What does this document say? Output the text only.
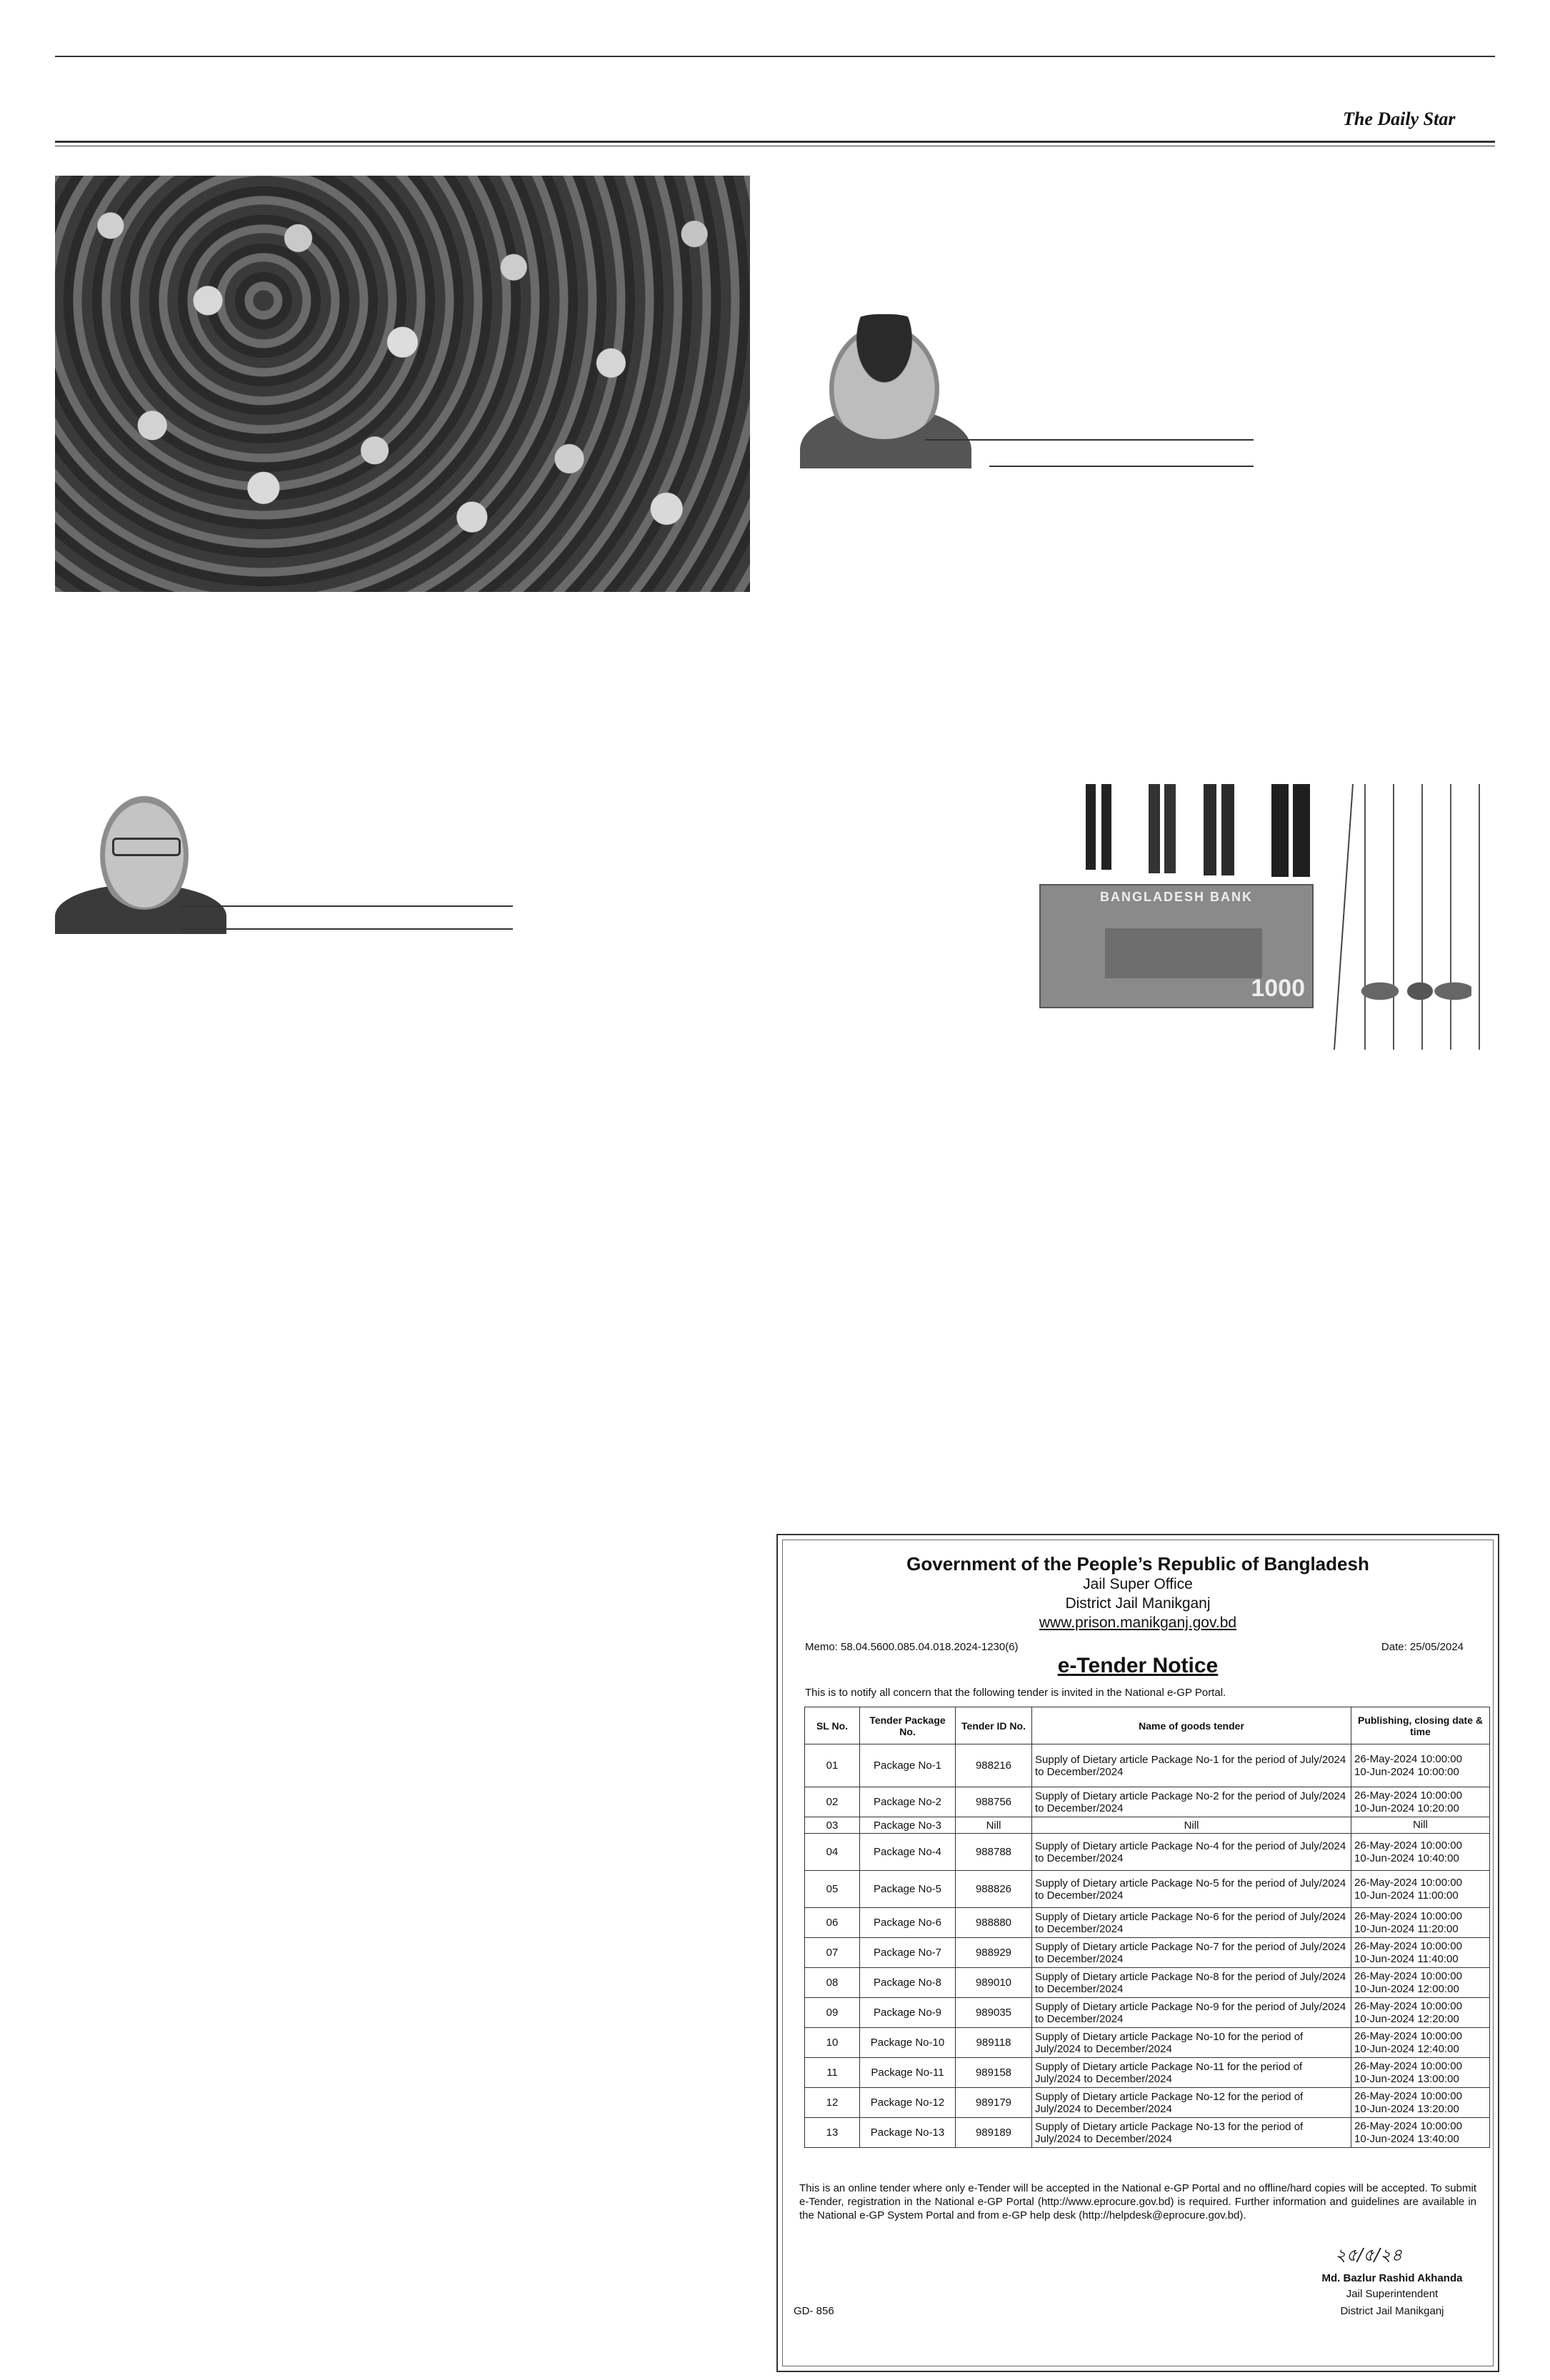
The Daily Star
BANGLADESH BANK
1000
Government of the People’s Republic of Bangladesh
Jail Super Office
District Jail Manikganj
www.prison.manikganj.gov.bd
Memo: 58.04.5600.085.04.018.2024-1230(6)	Date: 25/05/2024
e-Tender Notice
This is to notify all concern that the following tender is invited in the National e-GP Portal.
SL No.	Tender Package No.	Tender ID No.	Name of goods tender	Publishing, closing date & time
01	Package No-1	988216	Supply of Dietary article Package No-1 for the period of July/2024 to December/2024	26-May-2024 10:00:00
10-Jun-2024 10:00:00

02	Package No-2	988756	Supply of Dietary article Package No-2 for the period of July/2024 to December/2024	26-May-2024 10:00:00
10-Jun-2024 10:20:00

03	Package No-3	Nill	Nill	Nill

04	Package No-4	988788	Supply of Dietary article Package No-4 for the period of July/2024 to December/2024	26-May-2024 10:00:00
10-Jun-2024 10:40:00

05	Package No-5	988826	Supply of Dietary article Package No-5 for the period of July/2024 to December/2024	26-May-2024 10:00:00
10-Jun-2024 11:00:00

06	Package No-6	988880	Supply of Dietary article Package No-6 for the period of July/2024 to December/2024	26-May-2024 10:00:00
10-Jun-2024 11:20:00

07	Package No-7	988929	Supply of Dietary article Package No-7 for the period of July/2024 to December/2024	26-May-2024 10:00:00
10-Jun-2024 11:40:00

08	Package No-8	989010	Supply of Dietary article Package No-8 for the period of July/2024 to December/2024	26-May-2024 10:00:00
10-Jun-2024 12:00:00

09	Package No-9	989035	Supply of Dietary article Package No-9 for the period of July/2024 to December/2024	26-May-2024 10:00:00
10-Jun-2024 12:20:00

10	Package No-10	989118	Supply of Dietary article Package No-10 for the period of July/2024 to December/2024	26-May-2024 10:00:00
10-Jun-2024 12:40:00

11	Package No-11	989158	Supply of Dietary article Package No-11 for the period of July/2024 to December/2024	26-May-2024 10:00:00
10-Jun-2024 13:00:00

12	Package No-12	989179	Supply of Dietary article Package No-12 for the period of July/2024 to December/2024	26-May-2024 10:00:00
10-Jun-2024 13:20:00

13	Package No-13	989189	Supply of Dietary article Package No-13 for the period of July/2024 to December/2024	26-May-2024 10:00:00
10-Jun-2024 13:40:00
This is an online tender where only e-Tender will be accepted in the National e-GP Portal and no offline/hard copies will be accepted. To submit e-Tender, registration in the National e-GP Portal (http://www.eprocure.gov.bd) is required. Further information and guidelines are available in the National e-GP System Portal and from e-GP help desk (http://helpdesk@eprocure.gov.bd).
২৫/৫/২৪
Md. Bazlur Rashid Akhanda
Jail Superintendent
District Jail Manikganj
GD- 856
